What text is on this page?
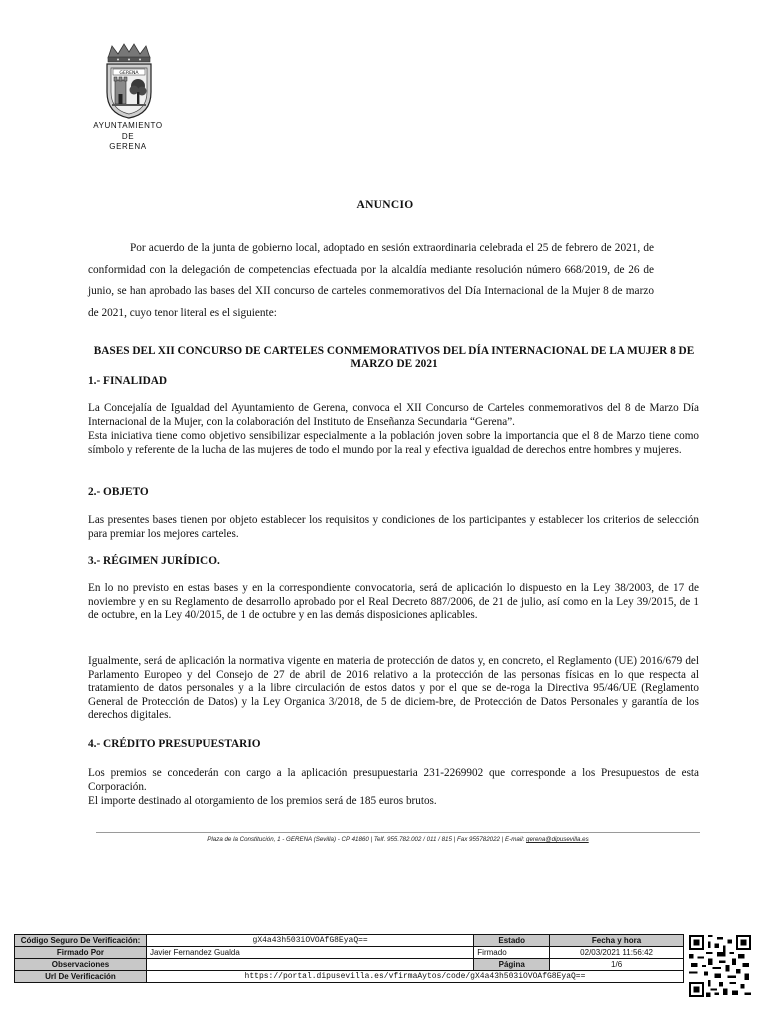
GERENA
AYUNTAMIENTO
DE
GERENA
ANUNCIO

Por acuerdo de la junta de gobierno local, adoptado en sesión extraordinaria celebrada el 25 de febrero de 2021, de conformidad con la delegación de competencias efectuada por la alcaldía mediante resolución número 668/2019, de 26 de junio, se han aprobado las bases del XII concurso de carteles conmemorativos del Día Internacional de la Mujer 8 de marzo de 2021, cuyo tenor literal es el siguiente:

BASES DEL XII CONCURSO DE CARTELES CONMEMORATIVOS DEL DÍA INTERNACIONAL DE LA MUJER 8 DE MARZO DE 2021

1.- FINALIDAD

La Concejalía de Igualdad del Ayuntamiento de Gerena, convoca el XII Concurso de Carteles conmemorativos del 8 de Marzo Día Internacional de la Mujer, con la colaboración del Instituto de Enseñanza Secundaria “Gerena”.

Esta iniciativa tiene como objetivo sensibilizar especialmente a la población joven sobre la importancia que el 8 de Marzo tiene como símbolo y referente de la lucha de las mujeres de todo el mundo por la real y efectiva igualdad de derechos entre hombres y mujeres.

2.- OBJETO

Las presentes bases tienen por objeto establecer los requisitos y condiciones de los participantes y establecer los criterios de selección para premiar los mejores carteles.

3.- RÉGIMEN JURÍDICO.

En lo no previsto en estas bases y en la correspondiente convocatoria, será de aplicación lo dispuesto en la Ley 38/2003, de 17 de noviembre y en su Reglamento de desarrollo aprobado por el Real Decreto 887/2006, de 21 de julio, así como en la Ley 39/2015, de 1 de octubre, en la Ley 40/2015, de 1 de octubre y en las demás disposiciones aplicables.

Igualmente, será de aplicación la normativa vigente en materia de protección de datos y, en concreto, el Reglamento (UE) 2016/679 del Parlamento Europeo y del Consejo de 27 de abril de 2016 relativo a la protección de las personas físicas en lo que respecta al tratamiento de datos personales y a la libre circulación de estos datos y por el que se de-roga la Directiva 95/46/UE (Reglamento General de Protección de Datos) y la Ley Organica 3/2018, de 5 de diciem-bre, de Protección de Datos Personales y garantía de los derechos digitales.

4.- CRÉDITO PRESUPUESTARIO

Los premios se concederán con cargo a la aplicación presupuestaria 231-2269902 que corresponde a los Presupuestos de esta Corporación.

El importe destinado al otorgamiento de los premios será de 185 euros brutos.

Plaza de la Constitución, 1 - GERENA (Sevilla) - CP 41860 | Telf. 955.782.002 / 011 / 815 | Fax 955782022 | E-mail: gerena@dipusevilla.es
Código Seguro De Verificación:	gX4a43h503iOVOAfG8EyaQ==	Estado	Fecha y hora
Firmado Por	Javier Fernandez Gualda	Firmado	02/03/2021 11:56:42
Observaciones		Página	1/6
Url De Verificación	https://portal.dipusevilla.es/vfirmaAytos/code/gX4a43h503iOVOAfG8EyaQ==		
